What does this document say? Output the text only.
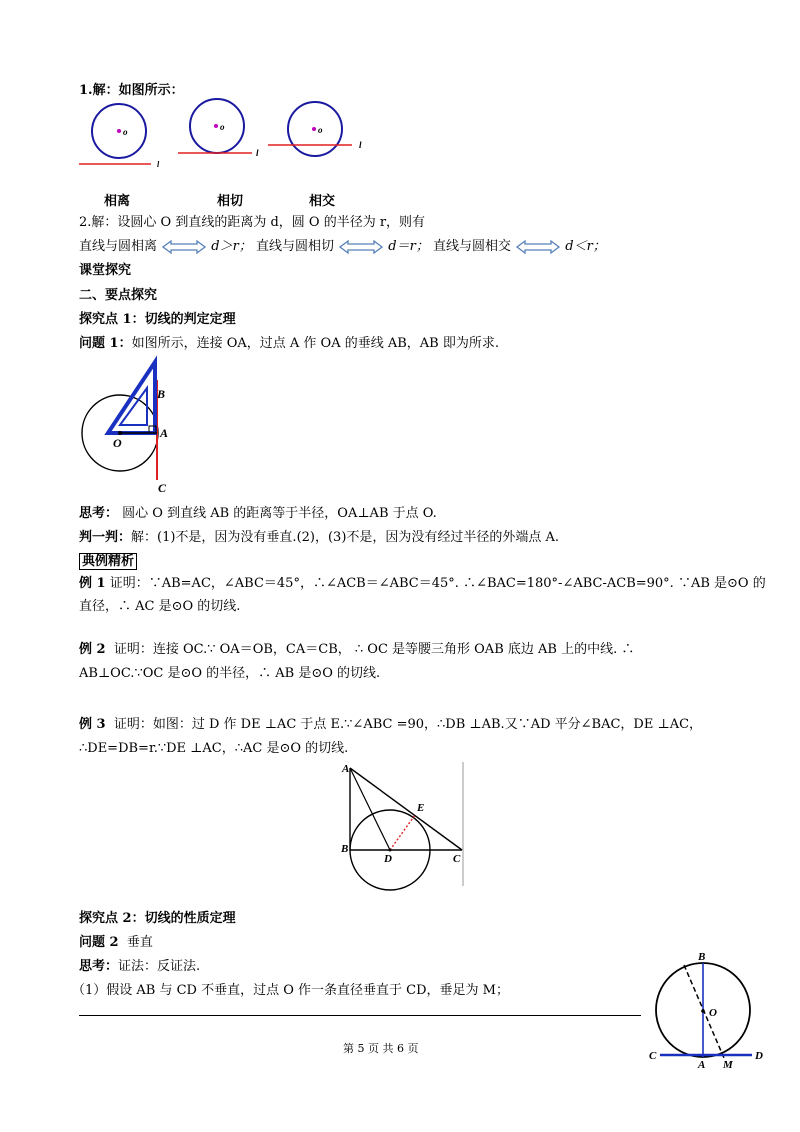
1.解：如图所示：
o
l
o
l
o
l
相离	相切	相交
2.解：设圆心 O 到直线的距离为 d，圆 O 的半径为 r，则有
直线与圆相离	d＞r； 直线与圆相切	d＝r； 直线与圆相交	d＜r；
课堂探究
二、要点探究
探究点 1：切线的判定定理
问题 1：如图所示，连接 OA，过点 A 作 OA 的垂线 AB，AB 即为所求.
B
A
O
C
思考： 圆心 O 到直线 AB 的距离等于半径，OA⊥AB 于点 O.
判一判：解：(1)不是，因为没有垂直.(2)，(3)不是，因为没有经过半径的外端点 A.
典例精析
例 1 证明：∵AB=AC，∠ABC＝45°，∴∠ACB＝∠ABC＝45°. ∴∠BAC=180°-∠ABC-ACB=90°. ∵AB 是⊙O 的
直径，∴ AC 是⊙O 的切线.
例 2 证明：连接 OC.∵ OA＝OB，CA＝CB， ∴ OC 是等腰三角形 OAB 底边 AB 上的中线. ∴
AB⊥OC.∵OC 是⊙O 的半径，∴ AB 是⊙O 的切线.
例 3 证明：如图：过 D 作 DE ⊥AC 于点 E.∵∠ABC =90，∴DB ⊥AB.又∵AD 平分∠BAC，DE ⊥AC，
∴DE=DB=r.∵DE ⊥AC，∴AC 是⊙O 的切线.
A
E
B
D	C
探究点 2：切线的性质定理
问题 2 垂直
思考：证法：反证法.
（1）假设 AB 与 CD 不垂直，过点 O 作一条直径垂直于 CD，垂足为 M；
第 5 页 共 6 页
B
O
C
A M
D
